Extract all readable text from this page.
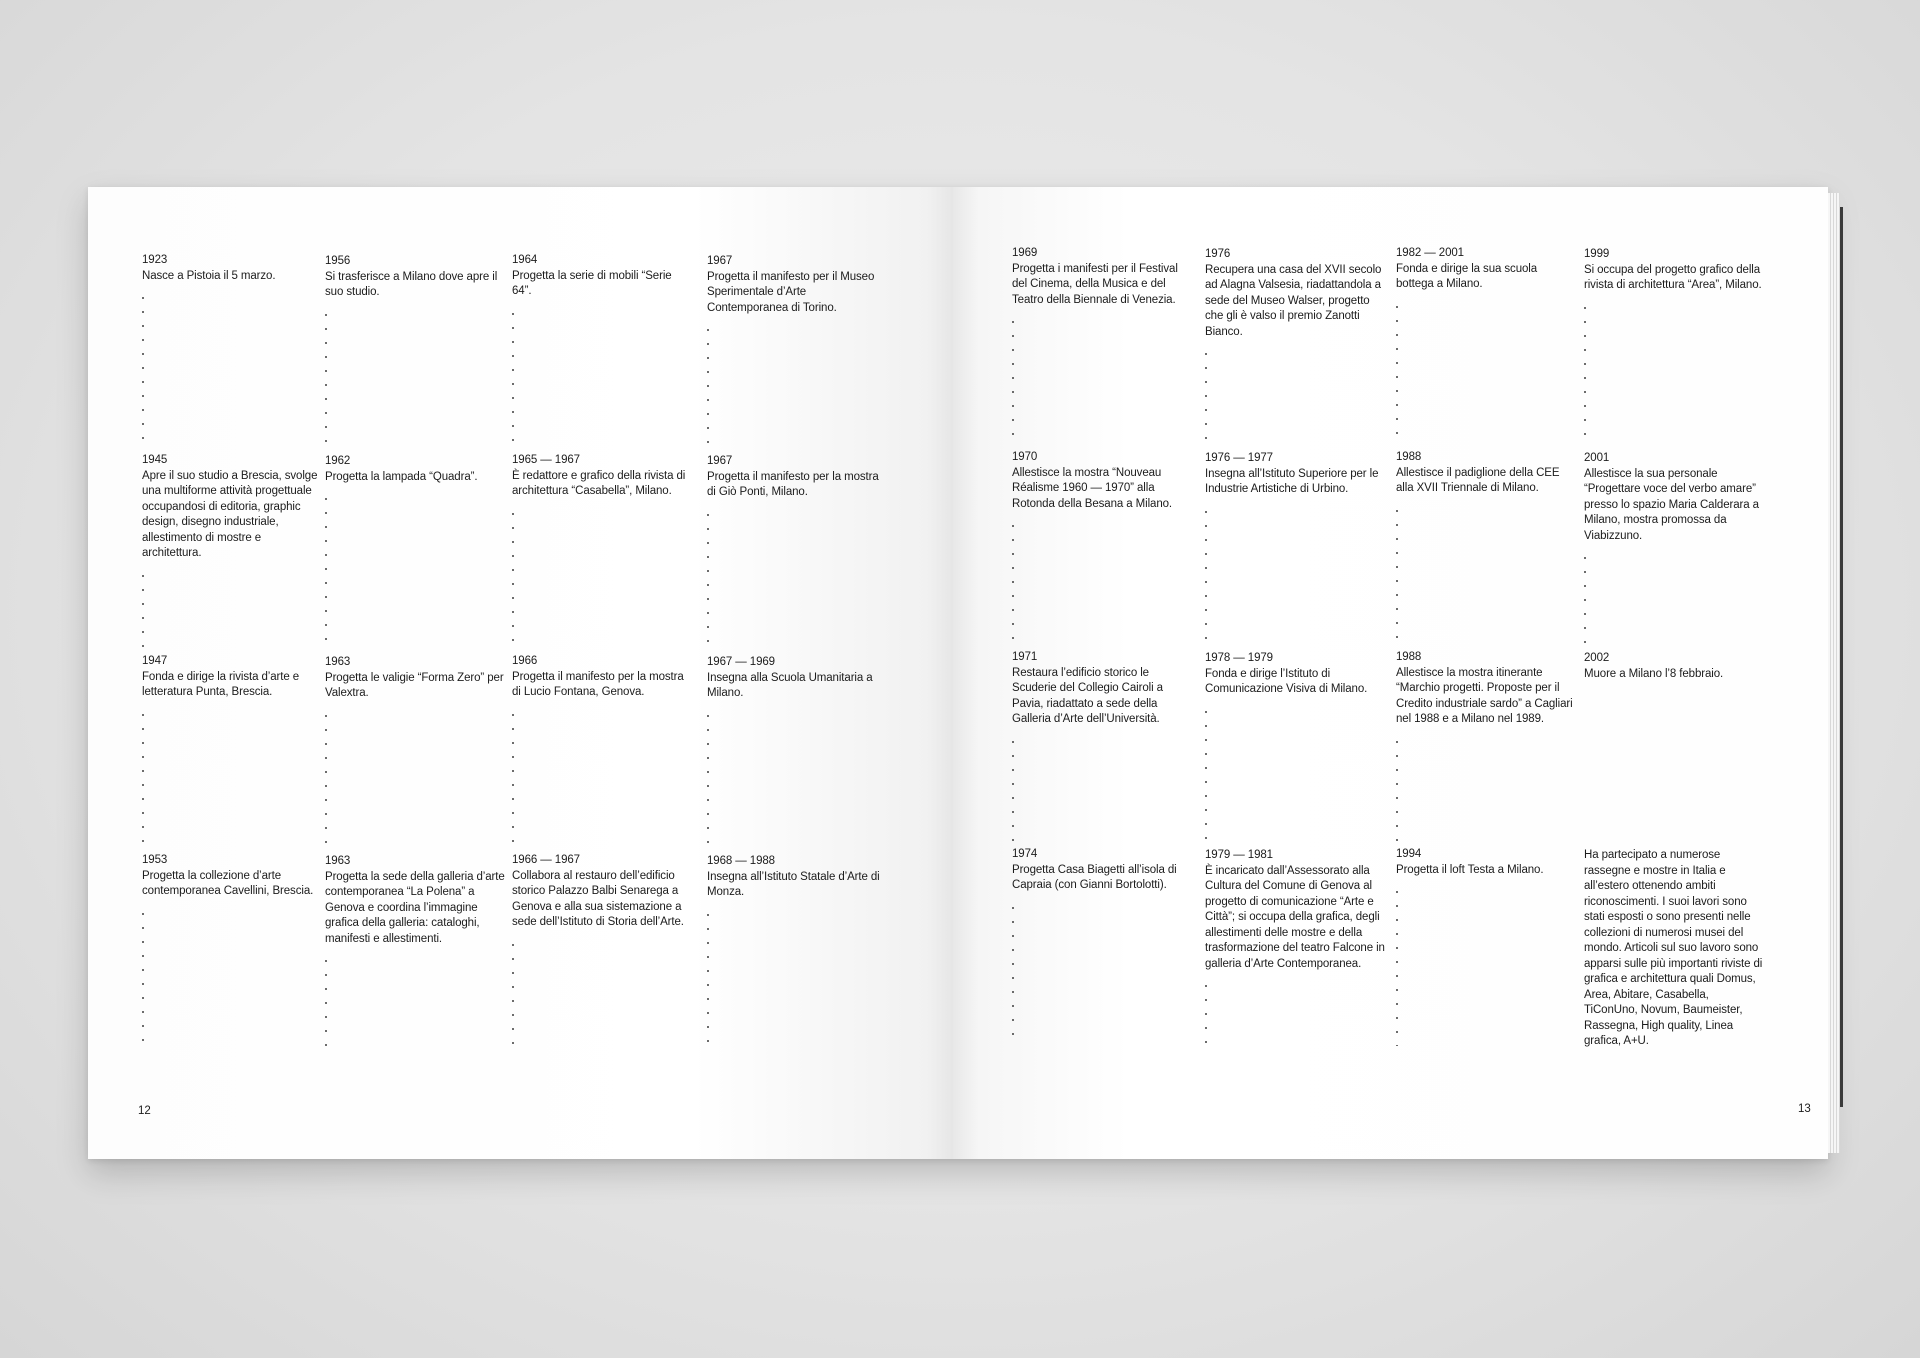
12
1923
Nasce a Pistoia il 5 marzo.
1945
Apre il suo studio a Brescia, svolge una multiforme attività progettuale occupandosi di editoria, graphic design, disegno industriale, allestimento di mostre e architettura.
1947
Fonda e dirige la rivista d’arte e letteratura Punta, Brescia.
1953
Progetta la collezione d’arte contemporanea Cavellini, Brescia.
1956
Si trasferisce a Milano dove apre il suo studio.
1962
Progetta la lampada “Quadra”.
1963
Progetta le valigie “Forma Zero” per Valextra.
1963
Progetta la sede della galleria d’arte contemporanea “La Polena” a Genova e coordina l’immagine grafica della galleria: cataloghi, manifesti e allestimenti.
1964
Progetta la serie di mobili “Serie 64”.
1965 — 1967
È redattore e grafico della rivista di architettura “Casabella”, Milano.
1966
Progetta il manifesto per la mostra di Lucio Fontana, Genova.
1966 — 1967
Collabora al restauro dell’edificio storico Palazzo Balbi Senarega a Genova e alla sua sistemazione a sede dell’Istituto di Storia dell’Arte.
1967
Progetta il manifesto per il Museo Sperimentale d’Arte Contemporanea di Torino.
1967
Progetta il manifesto per la mostra di Giò Ponti, Milano.
1967 — 1969
Insegna alla Scuola Umanitaria a Milano.
1968 — 1988
Insegna all’Istituto Statale d’Arte di Monza.
13
1969
Progetta i manifesti per il Festival del Cinema, della Musica e del Teatro della Biennale di Venezia.
1970
Allestisce la mostra “Nouveau Réalisme 1960 — 1970” alla Rotonda della Besana a Milano.
1971
Restaura l’edificio storico le Scuderie del Collegio Cairoli a Pavia, riadattato a sede della Galleria d’Arte dell’Università.
1974
Progetta Casa Biagetti all’isola di Capraia (con Gianni Bortolotti).
1976
Recupera una casa del XVII secolo ad Alagna Valsesia, riadattandola a sede del Museo Walser, progetto che gli è valso il premio Zanotti Bianco.
1976 — 1977
Insegna all’Istituto Superiore per le Industrie Artistiche di Urbino.
1978 — 1979
Fonda e dirige l’Istituto di Comunicazione Visiva di Milano.
1979 — 1981
È incaricato dall’Assessorato alla Cultura del Comune di Genova al progetto di comunicazione “Arte e Città”; si occupa della grafica, degli allestimenti delle mostre e della trasformazione del teatro Falcone in galleria d’Arte Contemporanea.
1982 — 2001
Fonda e dirige la sua scuola bottega a Milano.
1988
Allestisce il padiglione della CEE alla XVII Triennale di Milano.
1988
Allestisce la mostra itinerante “Marchio progetti. Proposte per il Credito industriale sardo” a Cagliari nel 1988 e a Milano nel 1989.
1994
Progetta il loft Testa a Milano.
1999
Si occupa del progetto grafico della rivista di architettura “Area”, Milano.
2001
Allestisce la sua personale “Progettare voce del verbo amare” presso lo spazio Maria Calderara a Milano, mostra promossa da Viabizzuno.
2002
Muore a Milano l’8 febbraio.
Ha partecipato a numerose rassegne e mostre in Italia e all’estero ottenendo ambiti riconoscimenti. I suoi lavori sono stati esposti o sono presenti nelle collezioni di numerosi musei del mondo. Articoli sul suo lavoro sono apparsi sulle più importanti riviste di grafica e architettura quali Domus, Area, Abitare, Casabella, TiConUno, Novum, Baumeister, Rassegna, High quality, Linea grafica, A+U.
